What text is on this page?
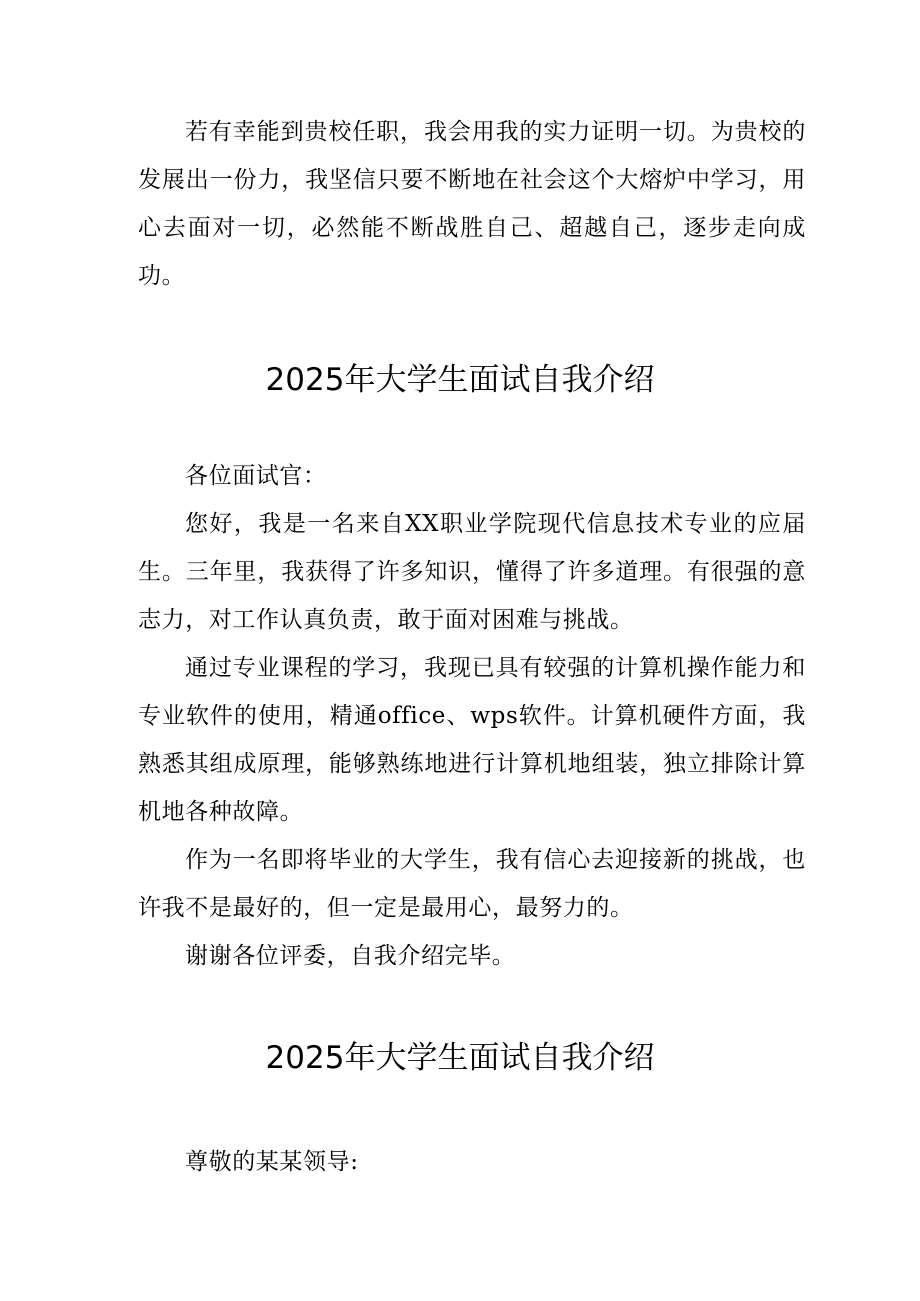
若有幸能到贵校任职，我会用我的实力证明一切。为贵校的发展出一份力，我坚信只要不断地在社会这个大熔炉中学习，用心去面对一切，必然能不断战胜自己、超越自己，逐步走向成功。

2025年大学生面试自我介绍

各位面试官：

您好，我是一名来自XX职业学院现代信息技术专业的应届生。三年里，我获得了许多知识，懂得了许多道理。有很强的意志力，对工作认真负责，敢于面对困难与挑战。

通过专业课程的学习，我现已具有较强的计算机操作能力和专业软件的使用，精通office、wps软件。计算机硬件方面，我熟悉其组成原理，能够熟练地进行计算机地组装，独立排除计算机地各种故障。

作为一名即将毕业的大学生，我有信心去迎接新的挑战，也许我不是最好的，但一定是最用心，最努力的。

谢谢各位评委，自我介绍完毕。

2025年大学生面试自我介绍

尊敬的某某领导:
